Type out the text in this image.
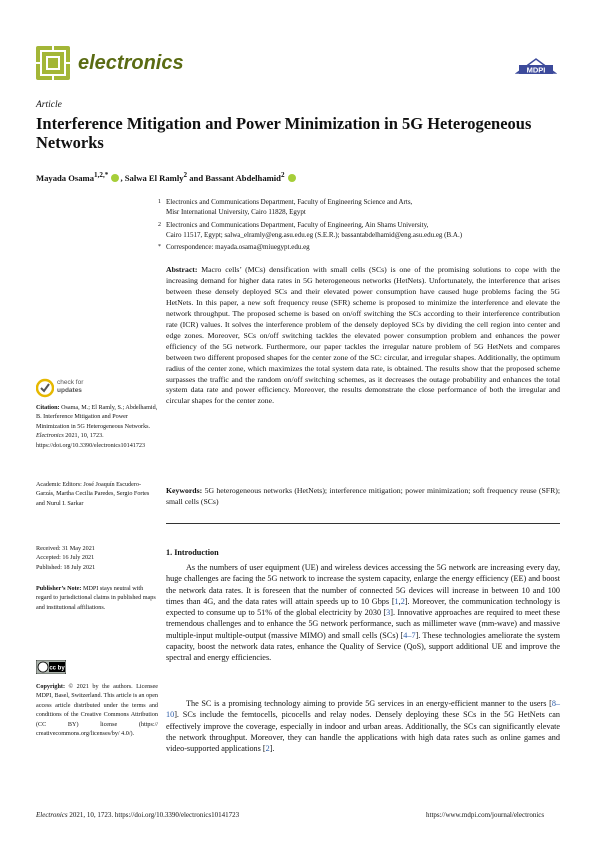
electronics	MDPI
Article
Interference Mitigation and Power Minimization in 5G Heterogeneous Networks
Mayada Osama$^{1,2,*}$ , Salwa El Ramly$^2$ and Bassant Abdelhamid$^2$
1 Electronics and Communications Department, Faculty of Engineering Science and Arts,
Misr International University, Cairo 11828, Egypt
2 Electronics and Communications Department, Faculty of Engineering, Ain Shams University,
Cairo 11517, Egypt; salwa_elramly@eng.asu.edu.eg (S.E.R.); bassantabdelhamid@eng.asu.edu.eg (B.A.)
* Correspondence: mayada.osama@miuegypt.edu.eg
Abstract: Macro cells’ (MCs) densification with small cells (SCs) is one of the promising solutions to cope with the increasing demand for higher data rates in 5G heterogeneous networks (HetNets). Unfortunately, the interference that arises between these densely deployed SCs and their elevated power consumption have caused huge problems facing the 5G HetNets. In this paper, a new soft frequency reuse (SFR) scheme is proposed to minimize the interference and elevate the network throughput. The proposed scheme is based on on/off switching the SCs according to their interference contribution rate (ICR) values. It solves the interference problem of the densely deployed SCs by dividing the cell region into center and edge zones. Moreover, SCs on/off switching tackles the elevated power consumption problem and enhances the power efficiency of the 5G network. Furthermore, our paper tackles the irregular nature problem of 5G HetNets and compares between two different proposed shapes for the center zone of the SC: circular, and irregular shapes. Additionally, the optimum radius of the center zone, which maximizes the total system data rate, is obtained. The results show that the proposed scheme surpasses the traffic and the random on/off switching schemes, as it decreases the outage probability and enhances the total system data rate and power efficiency. Moreover, the results demonstrate the close performance of both the irregular and circular shapes for the center zone.
Keywords: 5G heterogeneous networks (HetNets); interference mitigation; power minimization; soft frequency reuse (SFR); small cells (SCs)
check for
updates
Citation: Osama, M.; El Ramly, S.; Abdelhamid, B. Interference Mitigation and Power Minimization in 5G Heterogeneous Networks. Electronics 2021, 10, 1723. https://doi.org/10.3390/electronics10141723
Academic Editors: José Joaquín Escudero-Garzás, Martha Cecilia Paredes, Sergio Fortes and Nurul I. Sarkar
Received: 31 May 2021
Accepted: 16 July 2021
Published: 18 July 2021
Publisher’s Note: MDPI stays neutral with regard to jurisdictional claims in published maps and institutional affiliations.
cc by
Copyright: © 2021 by the authors. Licensee MDPI, Basel, Switzerland. This article is an open access article distributed under the terms and conditions of the Creative Commons Attribution (CC BY) license (https:// creativecommons.org/licenses/by/ 4.0/).
1. Introduction
As the numbers of user equipment (UE) and wireless devices accessing the 5G network are increasing every day, huge challenges are facing the 5G network to increase the system capacity, enlarge the energy efficiency (EE) and boost the network data rates. It is foreseen that the number of connected 5G devices will increase in between 10 and 100 times than 4G, and the data rates will attain speeds up to 10 Gbps [1,2]. Moreover, the communication technology is expected to consume up to 51% of the global electricity by 2030 [3]. Innovative approaches are required to meet these tremendous challenges and to enhance the 5G network performance, such as millimeter wave (mm-wave) and massive multiple-input multiple-output (massive MIMO) and small cells (SCs) [4–7]. These technologies ameliorate the system capacity, boost the network data rates, enhance the Quality of Service (QoS), support additional UE and improve the spectral and energy efficiencies.
The SC is a promising technology aiming to provide 5G services in an energy-efficient manner to the users [8–10]. SCs include the femtocells, picocells and relay nodes. Densely deploying these SCs in the 5G HetNets can effectively improve the coverage, especially in indoor and urban areas. Additionally, the SCs can significantly elevate the network throughput. Moreover, they can handle the applications with high data rates such as online games and video-supported applications [2].
Electronics 2021, 10, 1723. https://doi.org/10.3390/electronics10141723	https://www.mdpi.com/journal/electronics
